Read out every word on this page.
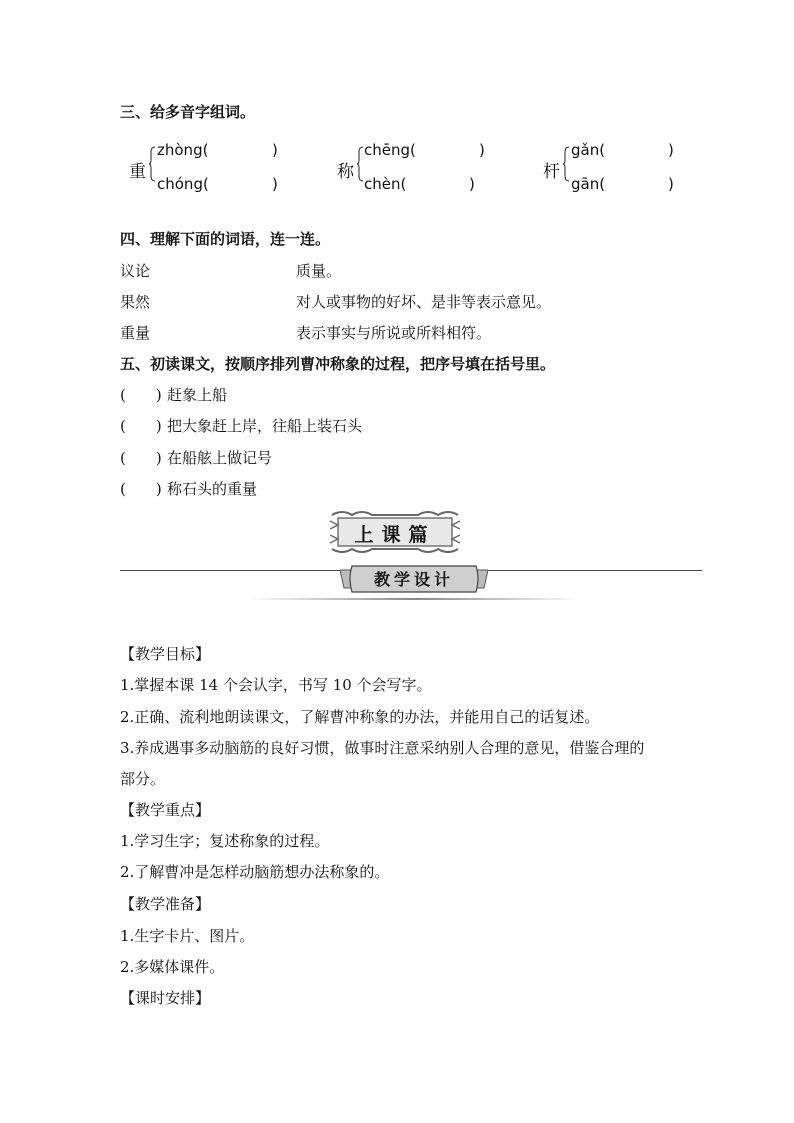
三、给多音字组词。
重
zhòng(	)
chóng(	)
称
chēng(	)
chèn(	)
杆
gǎn(	)
gān(	)
四、理解下面的词语，连一连。
议论	质量。
果然	对人或事物的好坏、是非等表示意见。
重量	表示事实与所说或所料相符。
五、初读课文，按顺序排列曹冲称象的过程，把序号填在括号里。
(　　) 赶象上船
(　　) 把大象赶上岸，往船上装石头
(　　) 在船舷上做记号
(　　) 称石头的重量
上课篇
教学设计
【教学目标】
1.掌握本课 14 个会认字，书写 10 个会写字。
2.正确、流利地朗读课文，了解曹冲称象的办法，并能用自己的话复述。
3.养成遇事多动脑筋的良好习惯，做事时注意采纳别人合理的意见，借鉴合理的
部分。
【教学重点】
1.学习生字；复述称象的过程。
2.了解曹冲是怎样动脑筋想办法称象的。
【教学准备】
1.生字卡片、图片。
2.多媒体课件。
【课时安排】
